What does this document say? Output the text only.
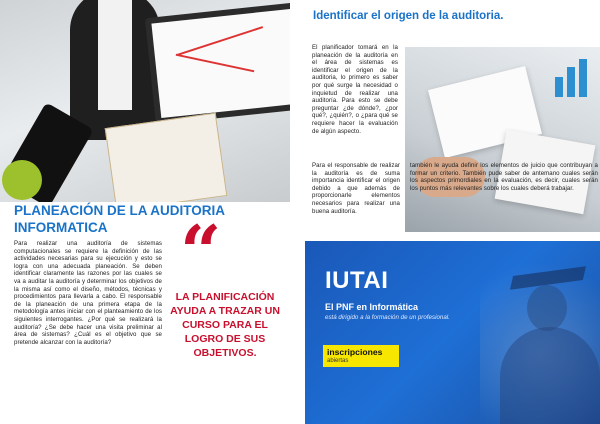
Identificar el origen de la auditoria.
El planificador tomará en la planeación de la auditoría en el área de sistemas es identificar el origen de la auditoria, lo primero es saber por qué surge la necesidad o inquietud de realizar una auditoría. Para esto se debe preguntar ¿de dónde?, ¿por qué?, ¿quién?, o ¿para qué se requiere hacer la evaluación de algún aspecto.
Para el responsable de realizar la auditoría es de suma importancia identificar el origen debido a que además de proporcionarle elementos necesarios para realizar una buena auditoría.
también le ayuda definir los elementos de juicio que contribuyan a formar un criterio. También pude saber de antemano cuales serán los aspectos primordiales en la evaluación, es decir, cuales serán los puntos más relevantes sobre los cuales deberá trabajar.
PLANEACIÓN DE LA AUDITORIA
INFORMATICA
Para realizar una auditoría de sistemas computacionales se requiere la definición de las actividades necesarias para su ejecución y esto se logra con una adecuada planeación. Se deben identificar claramente las razones por las cuales se va a auditar la auditoría y determinar los objetivos de la misma así como el diseño, métodos, técnicas y procedimientos para llevarla a cabo. El responsable de la planeación de una primera etapa de la metodología antes iniciar con el planteamiento de los siguientes interrogantes. ¿Por qué se realizará la auditoría? ¿Se debe hacer una visita preliminar al área de sistemas? ¿Cuál es el objetivo que se pretende alcanzar con la auditoría?
“
LA PLANIFICACIÓN AYUDA A TRAZAR UN CURSO PARA EL LOGRO DE SUS OBJETIVOS.
IUTAI
El PNF en Informática
está dirigido a la formación de un profesional.
inscripciones
abiertas
